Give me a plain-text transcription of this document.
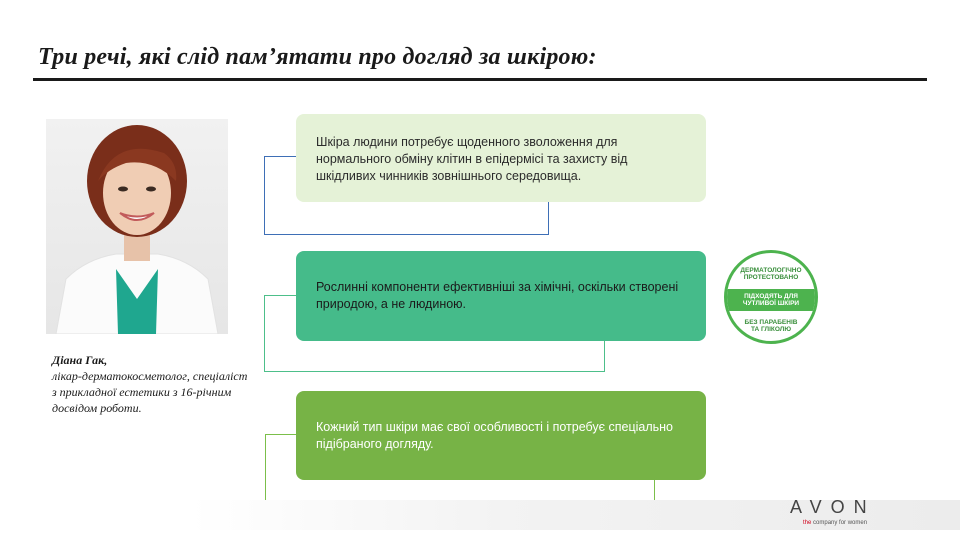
Три речі, які слід пам’ятати про догляд за шкірою:
Діана Гак,
лікар-дерматокосметолог, спеціаліст з прикладної естетики з 16-річним досвідом роботи.
Шкіра людини потребує щоденного зволоження для нормального обміну клітин в епідермісі та захисту від шкідливих чинників зовнішнього середовища.
Рослинні компоненти ефективніші за хімічні, оскільки створені природою, а не людиною.
Кожний тип шкіри має свої особливості і потребує спеціально підібраного догляду.
ДЕРМАТОЛОГІЧНО
ПРОТЕСТОВАНО
ПІДХОДЯТЬ ДЛЯ
ЧУТЛИВОЇ ШКІРИ
БЕЗ ПАРАБЕНІВ
ТА ГЛІКОЛЮ
AVON
the company for women
